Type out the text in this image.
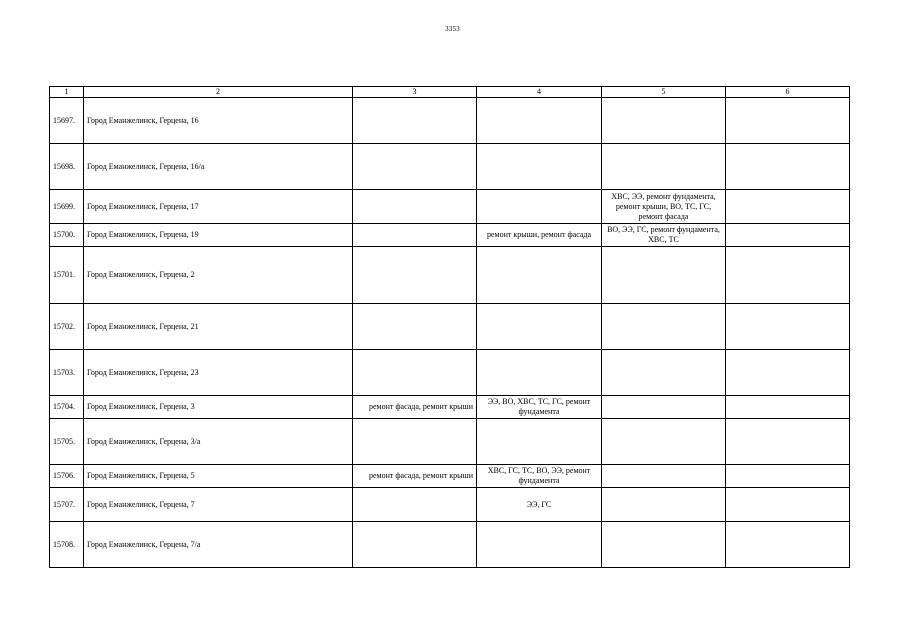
3353
1	2	3	4	5	6
15697.	Город Еманжелинск, Герцена, 16				
15698.	Город Еманжелинск, Герцена, 16/а				
15699.	Город Еманжелинск, Герцена, 17			ХВС, ЭЭ, ремонт фундамента, ремонт крыши, ВО, ТС, ГС, ремонт фасада	
15700.	Город Еманжелинск, Герцена, 19		ремонт крыши, ремонт фасада	ВО, ЭЭ, ГС, ремонт фундамента, ХВС, ТС	
15701.	Город Еманжелинск, Герцена, 2				
15702.	Город Еманжелинск, Герцена, 21				
15703.	Город Еманжелинск, Герцена, 23				
15704.	Город Еманжелинск, Герцена, 3	ремонт фасада, ремонт крыши	ЭЭ, ВО, ХВС, ТС, ГС, ремонт фундамента		
15705.	Город Еманжелинск, Герцена, 3/а				
15706.	Город Еманжелинск, Герцена, 5	ремонт фасада, ремонт крыши	ХВС, ГС, ТС, ВО, ЭЭ, ремонт фундамента		
15707.	Город Еманжелинск, Герцена, 7		ЭЭ, ГС		
15708.	Город Еманжелинск, Герцена, 7/а				
